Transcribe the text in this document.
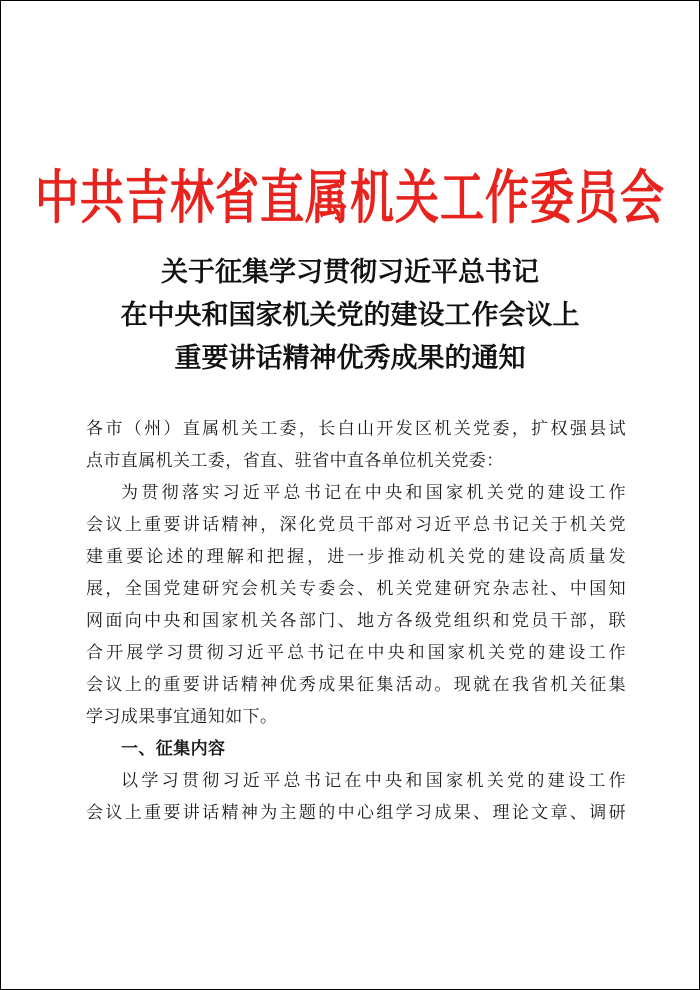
中共吉林省直属机关工作委员会
关于征集学习贯彻习近平总书记
在中央和国家机关党的建设工作会议上
重要讲话精神优秀成果的通知
各市（州）直属机关工委，长白山开发区机关党委，扩权强县试
点市直属机关工委，省直、驻省中直各单位机关党委：
为贯彻落实习近平总书记在中央和国家机关党的建设工作
会议上重要讲话精神，深化党员干部对习近平总书记关于机关党
建重要论述的理解和把握，进一步推动机关党的建设高质量发
展，全国党建研究会机关专委会、机关党建研究杂志社、中国知
网面向中央和国家机关各部门、地方各级党组织和党员干部，联
合开展学习贯彻习近平总书记在中央和国家机关党的建设工作
会议上的重要讲话精神优秀成果征集活动。现就在我省机关征集
学习成果事宜通知如下。
一、征集内容
以学习贯彻习近平总书记在中央和国家机关党的建设工作
会议上重要讲话精神为主题的中心组学习成果、理论文章、调研
